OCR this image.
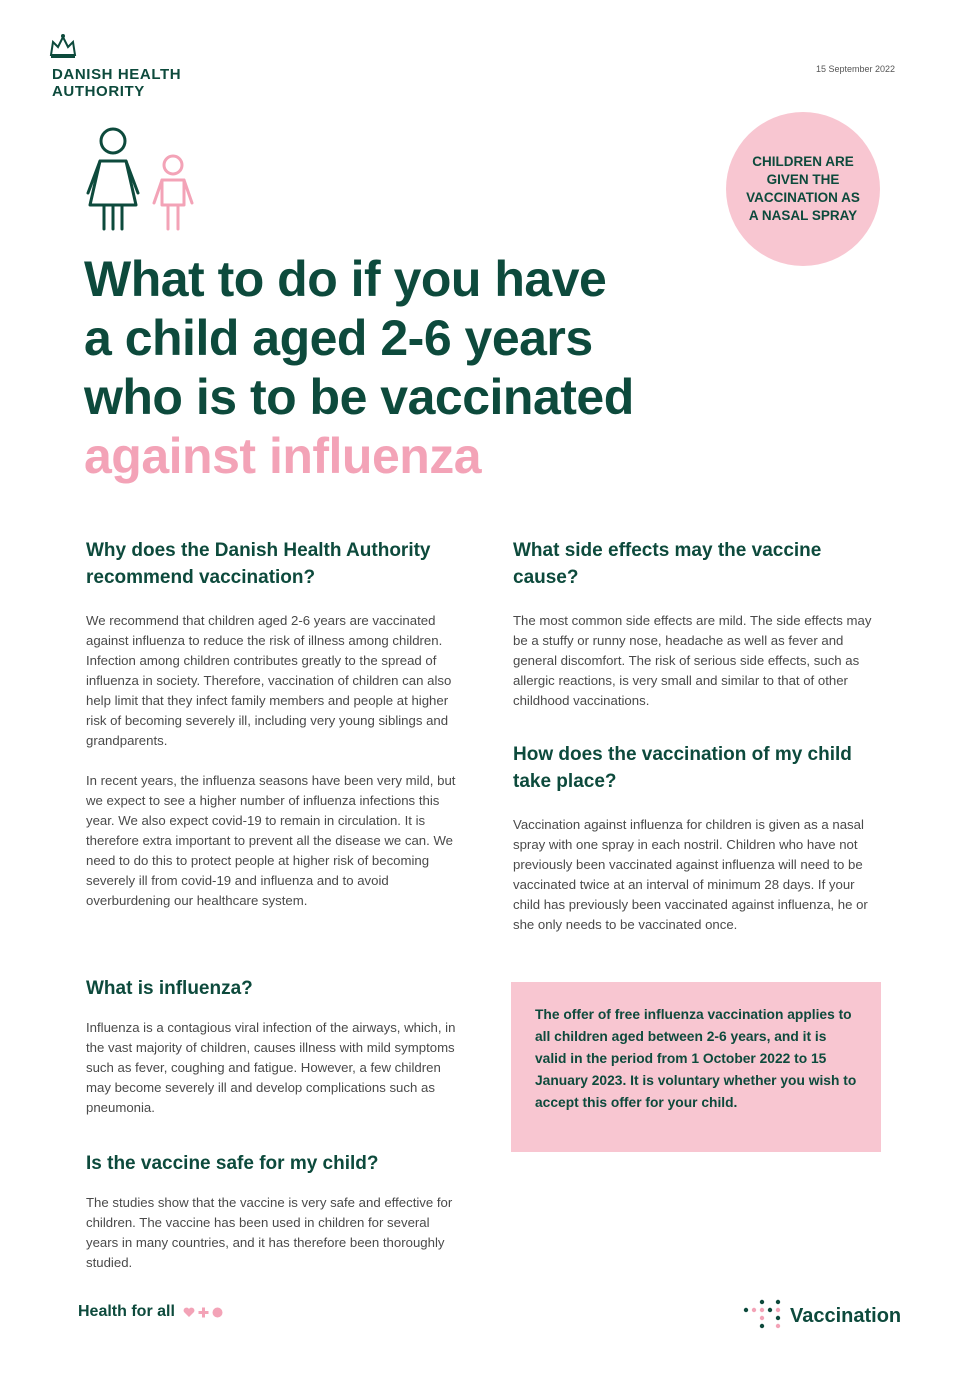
DANISH HEALTH
AUTHORITY
15 September 2022
CHILDREN ARE GIVEN THE VACCINATION AS A NASAL SPRAY
What to do if you have
a child aged 2-6 years
who is to be vaccinated
against influenza
Why does the Danish Health Authority recommend vaccination?

We recommend that children aged 2-6 years are vaccinated against influenza to reduce the risk of illness among children. Infection among children contributes greatly to the spread of influenza in society. Therefore, vaccination of children can also help limit that they infect family members and people at higher risk of becoming severely ill, including very young siblings and grandparents.

In recent years, the influenza seasons have been very mild, but we expect to see a higher number of influenza infections this year. We also expect covid-19 to remain in circulation. It is therefore extra important to prevent all the disease we can. We need to do this to protect people at higher risk of becoming severely ill from covid-19 and influenza and to avoid overburdening our healthcare system.

What is influenza?

Influenza is a contagious viral infection of the airways, which, in the vast majority of children, causes illness with mild symptoms such as fever, coughing and fatigue. However, a few children may become severely ill and develop complications such as pneumonia.

Is the vaccine safe for my child?

The studies show that the vaccine is very safe and effective for children. The vaccine has been used in children for several years in many countries, and it has therefore been thoroughly studied.

What side effects may the vaccine cause?

The most common side effects are mild. The side effects may be a stuffy or runny nose, headache as well as fever and general discomfort. The risk of serious side effects, such as allergic reactions, is very small and similar to that of other childhood vaccinations.

How does the vaccination of my child take place?

Vaccination against influenza for children is given as a nasal spray with one spray in each nostril. Children who have not previously been vaccinated against influenza will need to be vaccinated twice at an interval of minimum 28 days. If your child has previously been vaccinated against influenza, he or she only needs to be vaccinated once.

The offer of free influenza vaccination applies to all children aged between 2-6 years, and it is valid in the period from 1 October 2022 to 15 January 2023. It is voluntary whether you wish to accept this offer for your child.
Health for all	Vaccination
